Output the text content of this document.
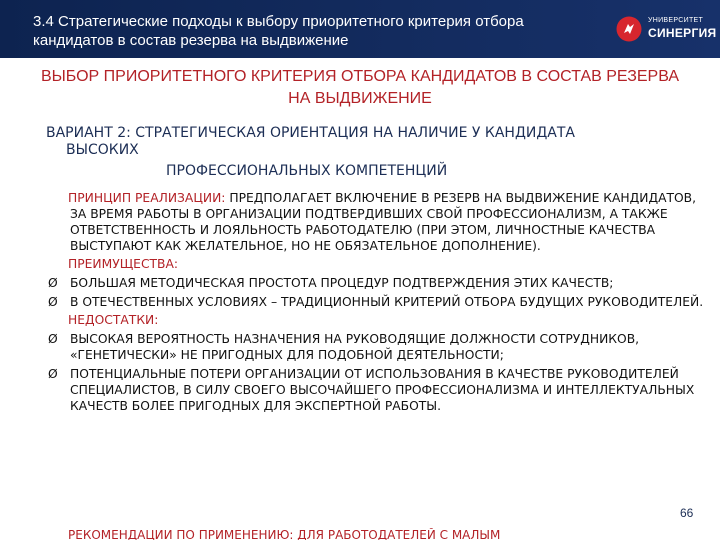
3.4 Стратегические подходы к выбору приоритетного критерия отбора кандидатов в состав резерва на выдвижение
УНИВЕРСИТЕТ
СИНЕРГИЯ
ВЫБОР ПРИОРИТЕТНОГО КРИТЕРИЯ ОТБОРА КАНДИДАТОВ В СОСТАВ РЕЗЕРВА НА ВЫДВИЖЕНИЕ
ВАРИАНТ 2: СТРАТЕГИЧЕСКАЯ ОРИЕНТАЦИЯ НА НАЛИЧИЕ У КАНДИДАТА
ВЫСОКИХ
ПРОФЕССИОНАЛЬНЫХ КОМПЕТЕНЦИЙ

ПРИНЦИП РЕАЛИЗАЦИИ: ПРЕДПОЛАГАЕТ ВКЛЮЧЕНИЕ В РЕЗЕРВ НА ВЫДВИЖЕНИЕ КАНДИДАТОВ, ЗА ВРЕМЯ РАБОТЫ В ОРГАНИЗАЦИИ ПОДТВЕРДИВШИХ СВОЙ ПРОФЕССИОНАЛИЗМ, А ТАКЖЕ ОТВЕТСТВЕННОСТЬ И ЛОЯЛЬНОСТЬ РАБОТОДАТЕЛЮ (ПРИ ЭТОМ, ЛИЧНОСТНЫЕ КАЧЕСТВА ВЫСТУПАЮТ КАК ЖЕЛАТЕЛЬНОЕ, НО НЕ ОБЯЗАТЕЛЬНОЕ ДОПОЛНЕНИЕ).

ПРЕИМУЩЕСТВА:
Ø БОЛЬШАЯ МЕТОДИЧЕСКАЯ ПРОСТОТА ПРОЦЕДУР ПОДТВЕРЖДЕНИЯ ЭТИХ КАЧЕСТВ;
Ø В ОТЕЧЕСТВЕННЫХ УСЛОВИЯХ – ТРАДИЦИОННЫЙ КРИТЕРИЙ ОТБОРА БУДУЩИХ РУКОВОДИТЕЛЕЙ.
НЕДОСТАТКИ:
Ø ВЫСОКАЯ ВЕРОЯТНОСТЬ НАЗНАЧЕНИЯ НА РУКОВОДЯЩИЕ ДОЛЖНОСТИ СОТРУДНИКОВ, «ГЕНЕТИЧЕСКИ» НЕ ПРИГОДНЫХ ДЛЯ ПОДОБНОЙ ДЕЯТЕЛЬНОСТИ;
Ø ПОТЕНЦИАЛЬНЫЕ ПОТЕРИ ОРГАНИЗАЦИИ ОТ ИСПОЛЬЗОВАНИЯ В КАЧЕСТВЕ РУКОВОДИТЕЛЕЙ СПЕЦИАЛИСТОВ, В СИЛУ СВОЕГО ВЫСОЧАЙШЕГО ПРОФЕССИОНАЛИЗМА И ИНТЕЛЛЕКТУАЛЬНЫХ КАЧЕСТВ БОЛЕЕ ПРИГОДНЫХ ДЛЯ ЭКСПЕРТНОЙ РАБОТЫ.
РЕКОМЕНДАЦИИ ПО ПРИМЕНЕНИЮ: ДЛЯ РАБОТОДАТЕЛЕЙ С МАЛЫМ
66
